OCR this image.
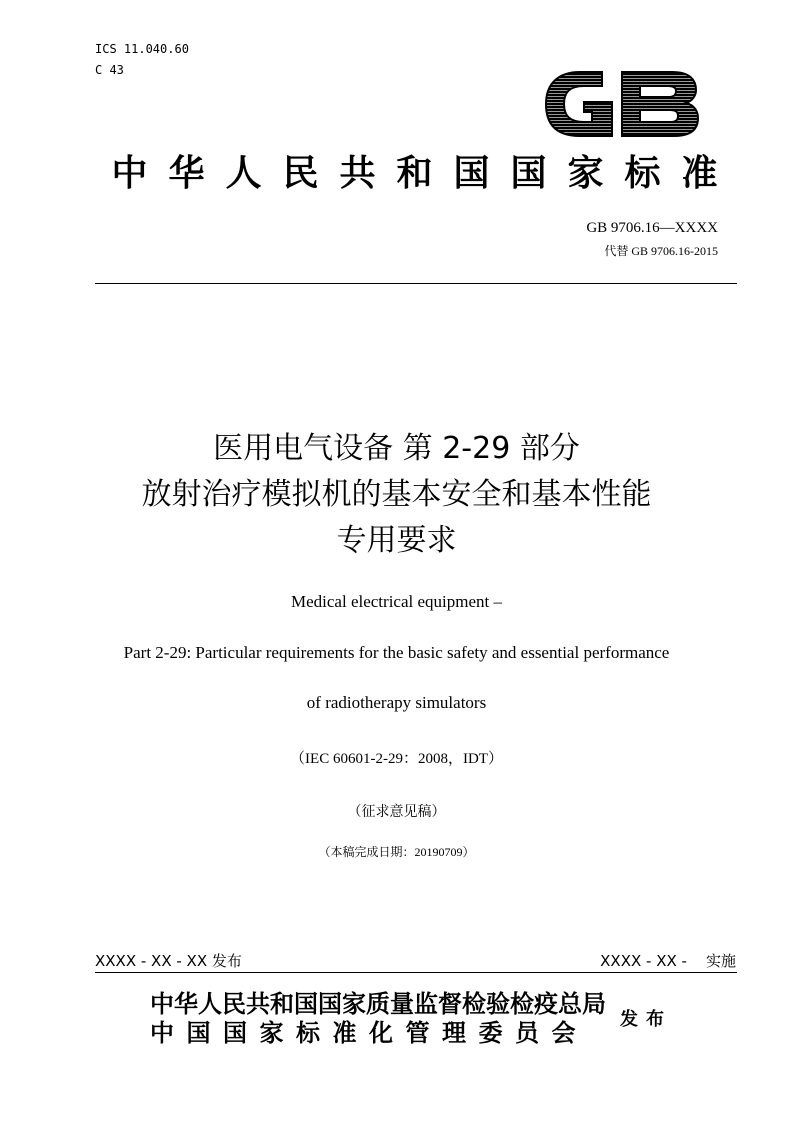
ICS 11.040.60
C 43
中华人民共和国国家标准
GB 9706.16—XXXX
代替 GB 9706.16-2015
医用电气设备 第 2-29 部分
放射治疗模拟机的基本安全和基本性能
专用要求
Medical electrical equipment –
Part 2-29: Particular requirements for the basic safety and essential performance
of radiotherapy simulators
（IEC 60601-2-29：2008，IDT）
（征求意见稿）
（本稿完成日期：20190709）
XXXX - XX - XX 发布	XXXX - XX -    实施
中华人民共和国国家质量监督检验检疫总局
中国国家标准化管理委员会
发布
